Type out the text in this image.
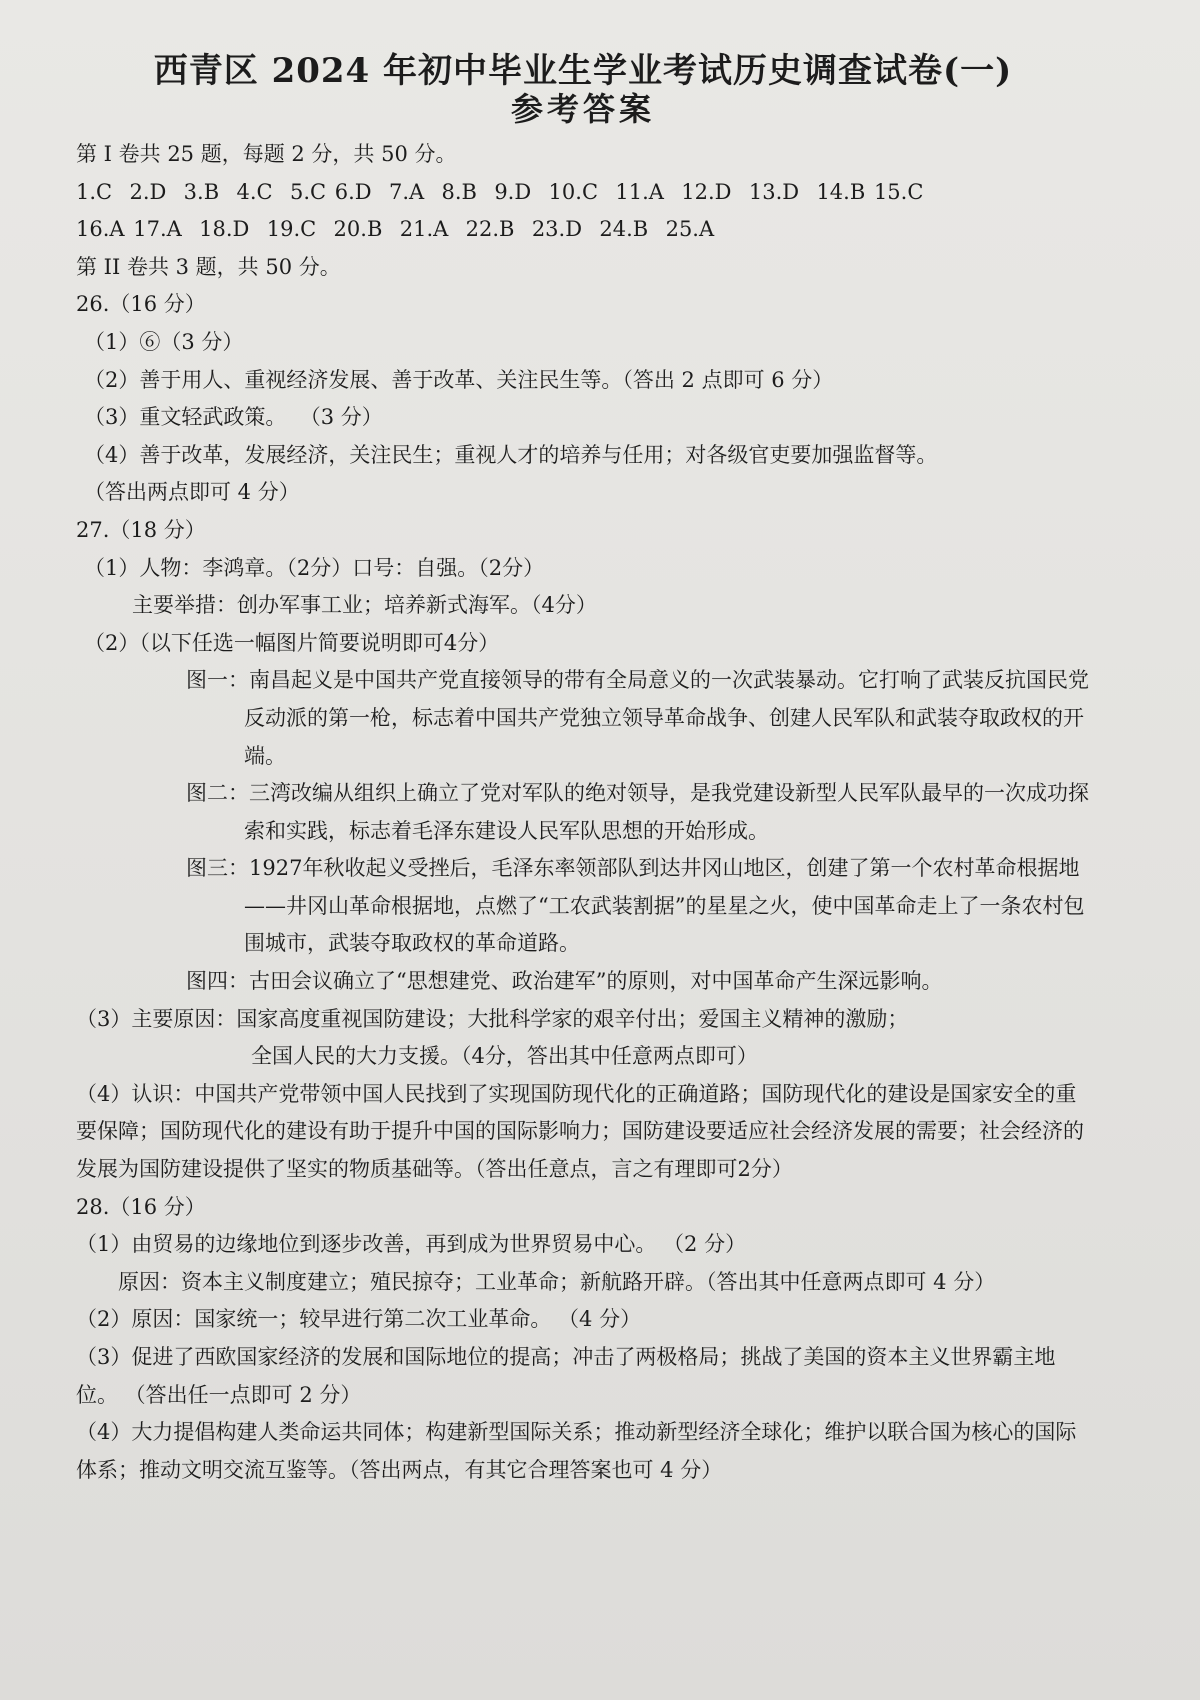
西青区 2024 年初中毕业生学业考试历史调查试卷(一)
参考答案
第 I 卷共 25 题，每题 2 分，共 50 分。
1.C  2.D  3.B  4.C  5.C 6.D  7.A  8.B  9.D  10.C  11.A  12.D  13.D  14.B 15.C
16.A 17.A  18.D  19.C  20.B  21.A  22.B  23.D  24.B  25.A
第 II 卷共 3 题，共 50 分。
26.（16 分）
（1）⑥（3 分）
（2）善于用人、重视经济发展、善于改革、关注民生等。（答出 2 点即可 6 分）
（3）重文轻武政策。  （3 分）
（4）善于改革，发展经济，关注民生；重视人才的培养与任用；对各级官吏要加强监督等。
（答出两点即可 4 分）
27.（18 分）
（1）人物：李鸿章。（2分）口号：自强。（2分）
主要举措：创办军事工业；培养新式海军。（4分）
（2）（以下任选一幅图片简要说明即可4分）
图一：南昌起义是中国共产党直接领导的带有全局意义的一次武装暴动。它打响了武装反抗国民党反动派的第一枪，标志着中国共产党独立领导革命战争、创建人民军队和武装夺取政权的开端。
图二：三湾改编从组织上确立了党对军队的绝对领导，是我党建设新型人民军队最早的一次成功探索和实践，标志着毛泽东建设人民军队思想的开始形成。
图三：1927年秋收起义受挫后，毛泽东率领部队到达井冈山地区，创建了第一个农村革命根据地——井冈山革命根据地，点燃了“工农武装割据”的星星之火，使中国革命走上了一条农村包围城市，武装夺取政权的革命道路。
图四：古田会议确立了“思想建党、政治建军”的原则，对中国革命产生深远影响。
（3）主要原因：国家高度重视国防建设；大批科学家的艰辛付出；爱国主义精神的激励；
全国人民的大力支援。（4分，答出其中任意两点即可）
（4）认识：中国共产党带领中国人民找到了实现国防现代化的正确道路；国防现代化的建设是国家安全的重要保障；国防现代化的建设有助于提升中国的国际影响力；国防建设要适应社会经济发展的需要；社会经济的发展为国防建设提供了坚实的物质基础等。（答出任意点，言之有理即可2分）
28.（16 分）
（1）由贸易的边缘地位到逐步改善，再到成为世界贸易中心。 （2 分）
原因：资本主义制度建立；殖民掠夺；工业革命；新航路开辟。（答出其中任意两点即可 4 分）
（2）原因：国家统一；较早进行第二次工业革命。 （4 分）
（3）促进了西欧国家经济的发展和国际地位的提高；冲击了两极格局；挑战了美国的资本主义世界霸主地位。 （答出任一点即可 2 分）
（4）大力提倡构建人类命运共同体；构建新型国际关系；推动新型经济全球化；维护以联合国为核心的国际体系；推动文明交流互鉴等。（答出两点，有其它合理答案也可 4 分）
